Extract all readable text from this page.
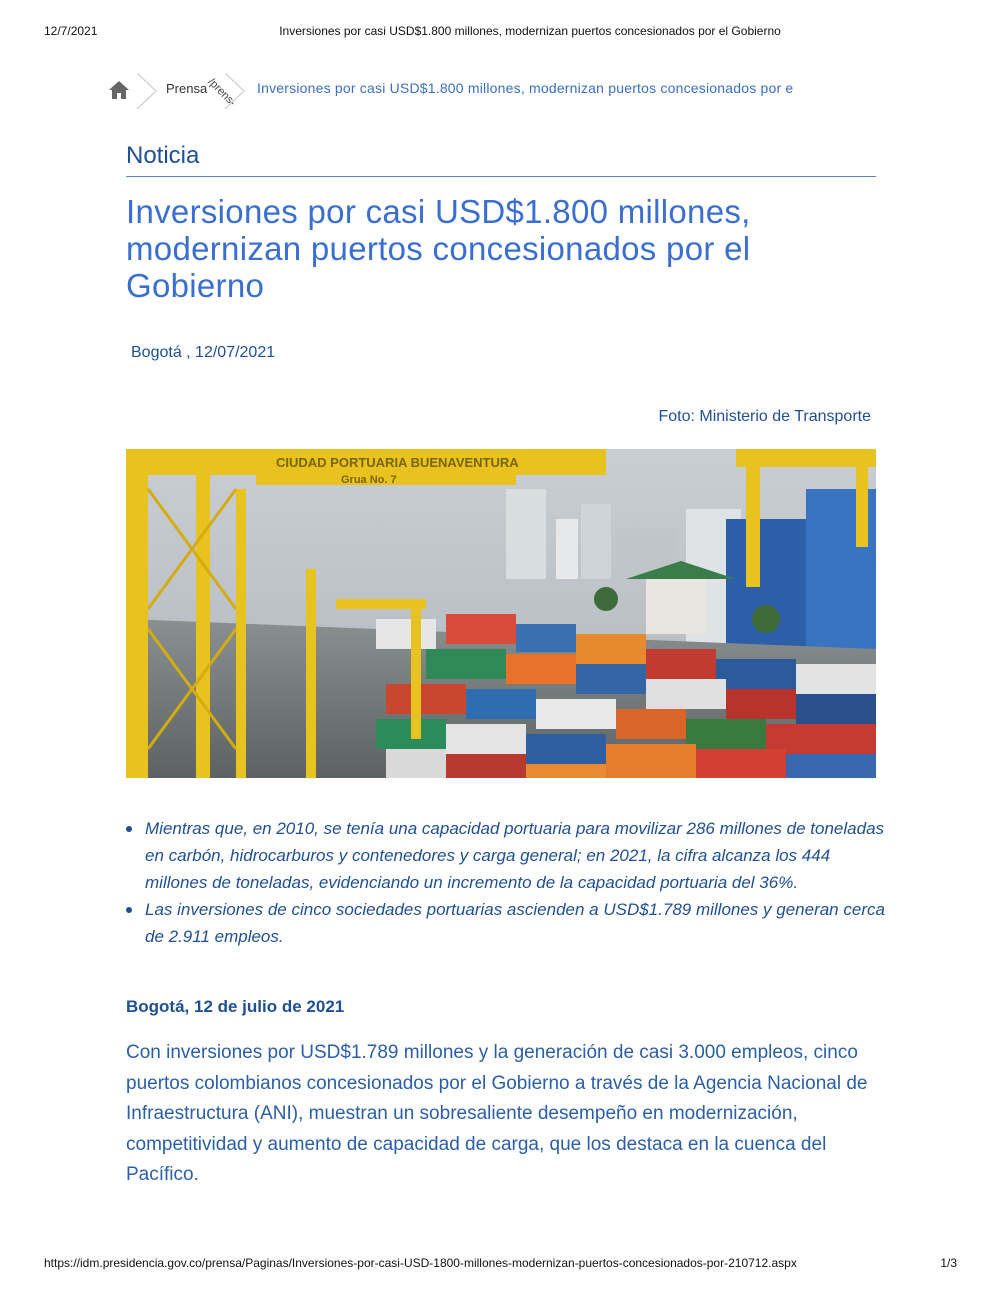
12/7/2021	Inversiones por casi USD$1.800 millones, modernizan puertos concesionados por el Gobierno
Prensa
/prens- Inversiones por casi USD$1.800 millones, modernizan puertos concesionados por e
Noticia
Inversiones por casi USD$1.800 millones, modernizan puertos concesionados por el Gobierno
Bogotá , 12/07/2021
Foto: Ministerio de Transporte
CIUDAD PORTUARIA BUENAVENTURA
Grua No. 7
Mientras que, en 2010, se tenía una capacidad portuaria para movilizar 286 millones de toneladas en carbón, hidrocarburos y contenedores y carga general; en 2021, la cifra alcanza los 444 millones de toneladas, evidenciando un incremento de la capacidad portuaria del 36%.
Las inversiones de cinco sociedades portuarias ascienden a USD$1.789 millones y generan cerca de 2.911 empleos.
Bogotá, 12 de julio de 2021

Con inversiones por USD$1.789 millones y la generación de casi 3.000 empleos, cinco puertos colombianos concesionados por el Gobierno a través de la Agencia Nacional de Infraestructura (ANI), muestran un sobresaliente desempeño en modernización, competitividad y aumento de capacidad de carga, que los destaca en la cuenca del Pacífico.

https://idm.presidencia.gov.co/prensa/Paginas/Inversiones-por-casi-USD-1800-millones-modernizan-puertos-concesionados-por-210712.aspx	1/3
